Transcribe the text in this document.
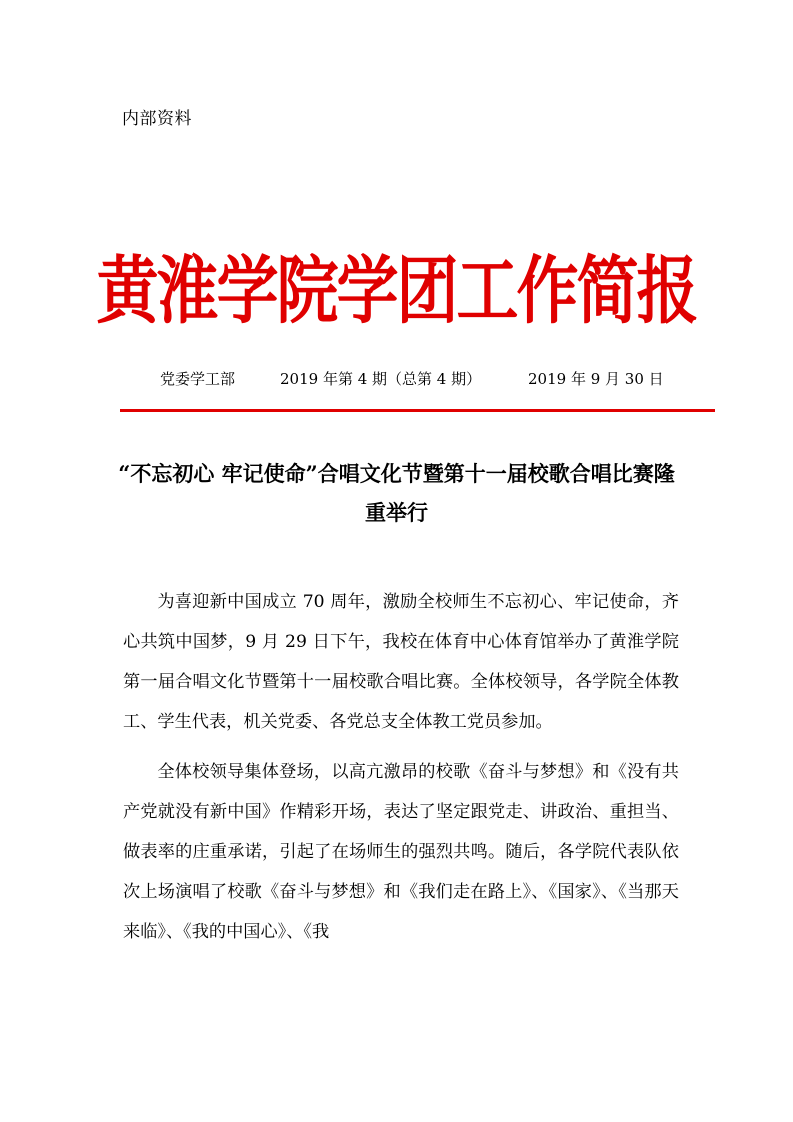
内部资料
黄淮学院学团工作简报
党委学工部	2019 年第 4 期（总第 4 期）	2019 年 9 月 30 日
“不忘初心 牢记使命”合唱文化节暨第十一届校歌合唱比赛隆重举行

为喜迎新中国成立 70 周年，激励全校师生不忘初心、牢记使命，齐心共筑中国梦，9 月 29 日下午，我校在体育中心体育馆举办了黄淮学院第一届合唱文化节暨第十一届校歌合唱比赛。全体校领导，各学院全体教工、学生代表，机关党委、各党总支全体教工党员参加。

全体校领导集体登场，以高亢激昂的校歌《奋斗与梦想》和《没有共产党就没有新中国》作精彩开场，表达了坚定跟党走、讲政治、重担当、做表率的庄重承诺，引起了在场师生的强烈共鸣。随后，各学院代表队依次上场演唱了校歌《奋斗与梦想》和《我们走在路上》、《国家》、《当那天来临》、《我的中国心》、《我
